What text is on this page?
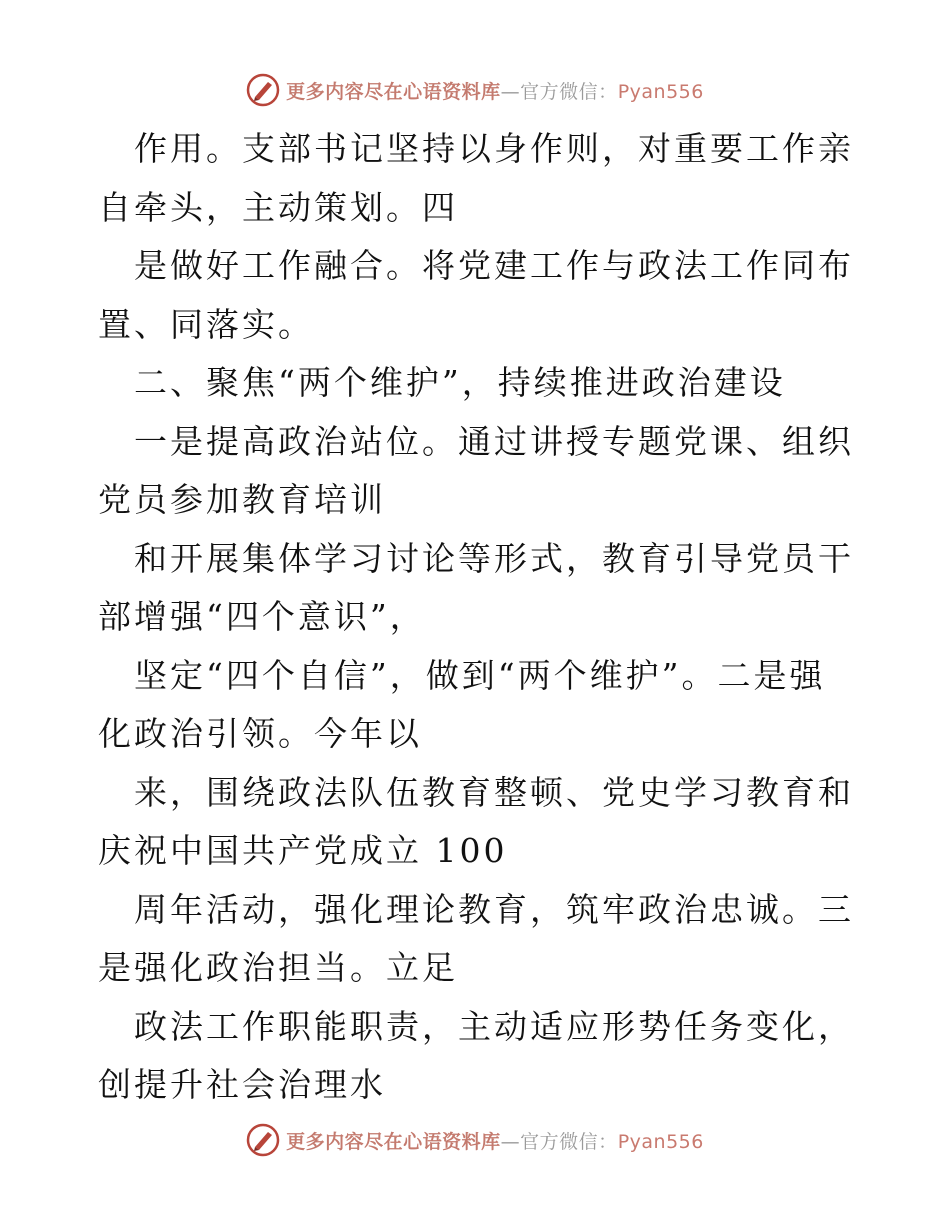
更多内容尽在心语资料库—官方微信：Pyan556

作用。支部书记坚持以身作则，对重要工作亲自牵头，主动策划。四

是做好工作融合。将党建工作与政法工作同布置、同落实。

二、聚焦“两个维护”，持续推进政治建设

一是提高政治站位。通过讲授专题党课、组织党员参加教育培训

和开展集体学习讨论等形式，教育引导党员干部增强“四个意识”，

坚定“四个自信”，做到“两个维护”。二是强化政治引领。今年以

来，围绕政法队伍教育整顿、党史学习教育和庆祝中国共产党成立 100

周年活动，强化理论教育，筑牢政治忠诚。三是强化政治担当。立足

政法工作职能职责，主动适应形势任务变化，创提升社会治理水

更多内容尽在心语资料库—官方微信：Pyan556
